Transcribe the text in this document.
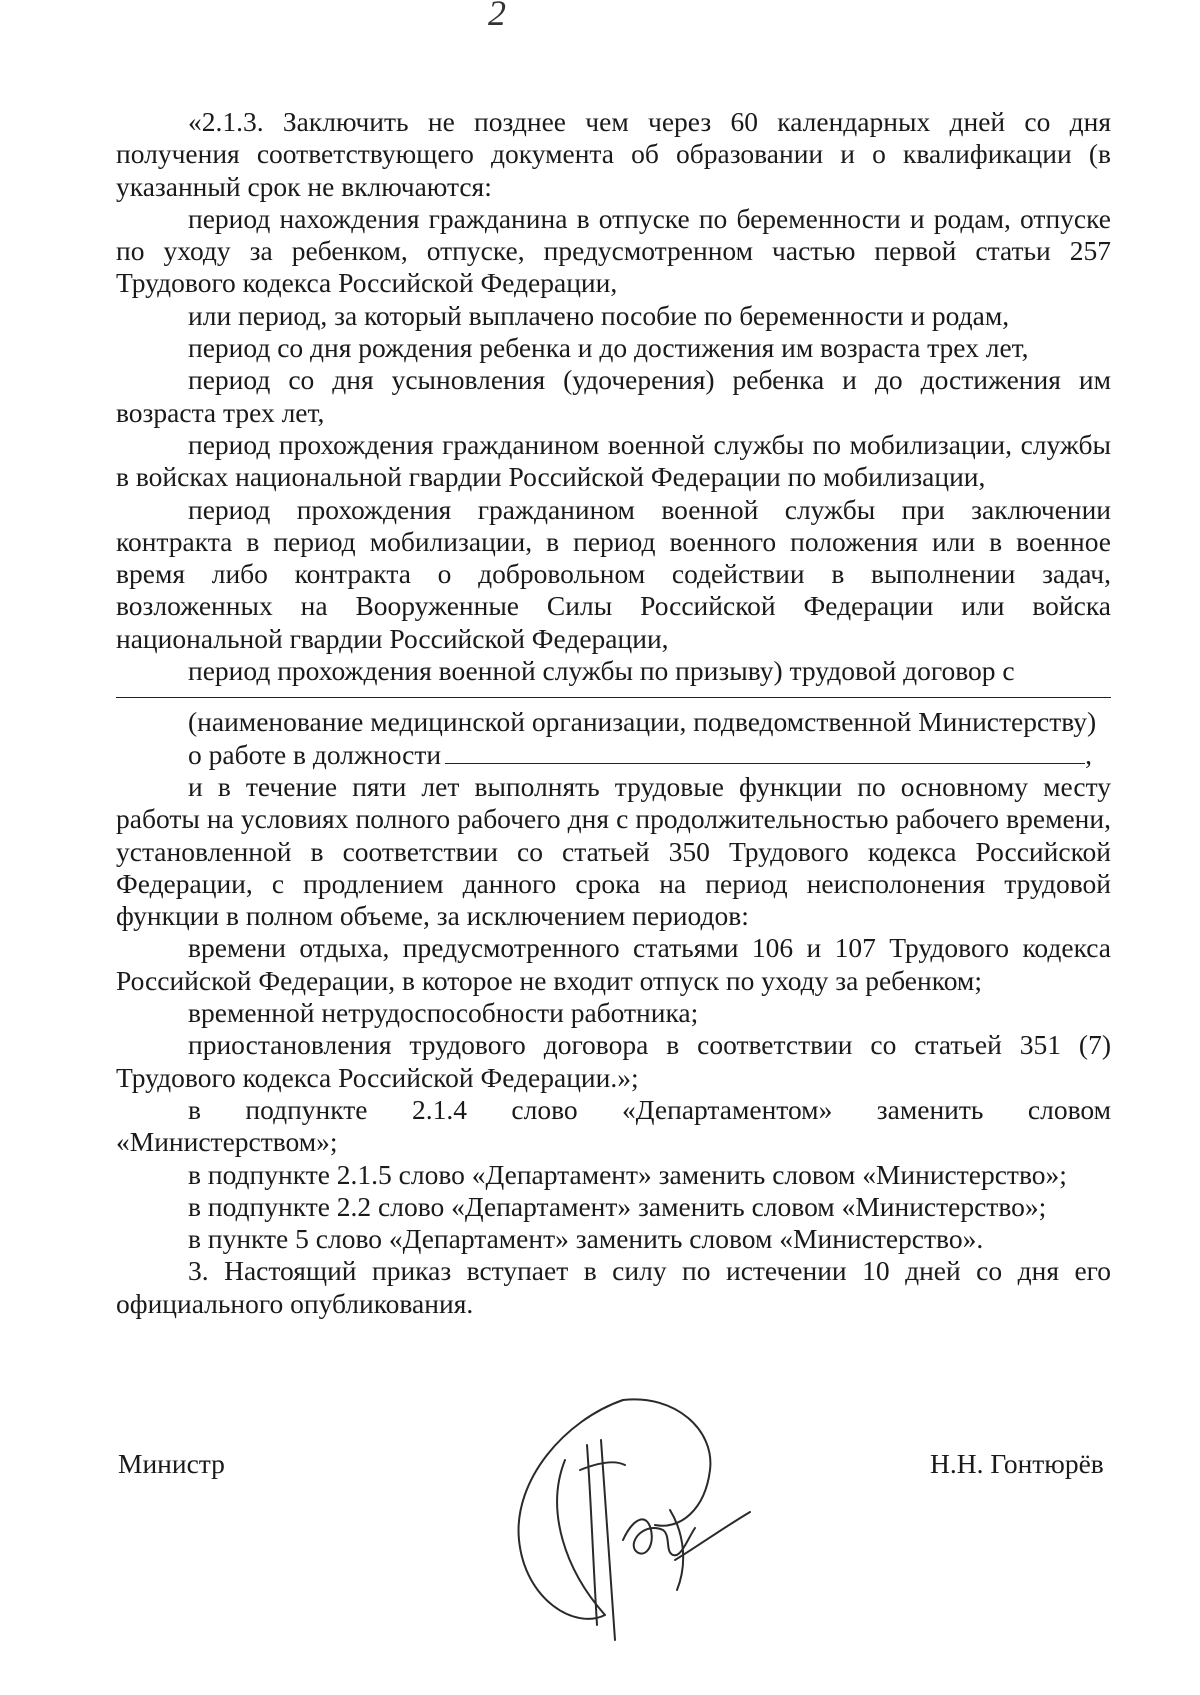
2

«2.1.3. Заключить не позднее чем через 60 календарных дней со дня получения соответствующего документа об образовании и о квалификации (в указанный срок не включаются:

период нахождения гражданина в отпуске по беременности и родам, отпуске по уходу за ребенком, отпуске, предусмотренном частью первой статьи 257 Трудового кодекса Российской Федерации,

или период, за который выплачено пособие по беременности и родам,

период со дня рождения ребенка и до достижения им возраста трех лет,

период со дня усыновления (удочерения) ребенка и до достижения им возраста трех лет,

период прохождения гражданином военной службы по мобилизации, службы в войсках национальной гвардии Российской Федерации по мобилизации,

период прохождения гражданином военной службы при заключении контракта в период мобилизации, в период военного положения или в военное время либо контракта о добровольном содействии в выполнении задач, возложенных на Вооруженные Силы Российской Федерации или войска национальной гвардии Российской Федерации,

период прохождения военной службы по призыву) трудовой договор с

(наименование медицинской организации, подведомственной Министерству)

о работе в должности	,

и в течение пяти лет выполнять трудовые функции по основному месту работы на условиях полного рабочего дня с продолжительностью рабочего времени, установленной в соответствии со статьей 350 Трудового кодекса Российской Федерации, с продлением данного срока на период неисполонения трудовой функции в полном объеме, за исключением периодов:

времени отдыха, предусмотренного статьями 106 и 107 Трудового кодекса Российской Федерации, в которое не входит отпуск по уходу за ребенком;

временной нетрудоспособности работника;

приостановления трудового договора в соответствии со статьей 351 (7) Трудового кодекса Российской Федерации.»;

в подпункте 2.1.4 слово «Департаментом» заменить словом «Министерством»;

в подпункте 2.1.5 слово «Департамент» заменить словом «Министерство»;

в подпункте 2.2 слово «Департамент» заменить словом «Министерство»;

в пункте 5 слово «Департамент» заменить словом «Министерство».

3. Настоящий приказ вступает в силу по истечении 10 дней со дня его официального опубликования.

Министр	Н.Н. Гонтюрёв
